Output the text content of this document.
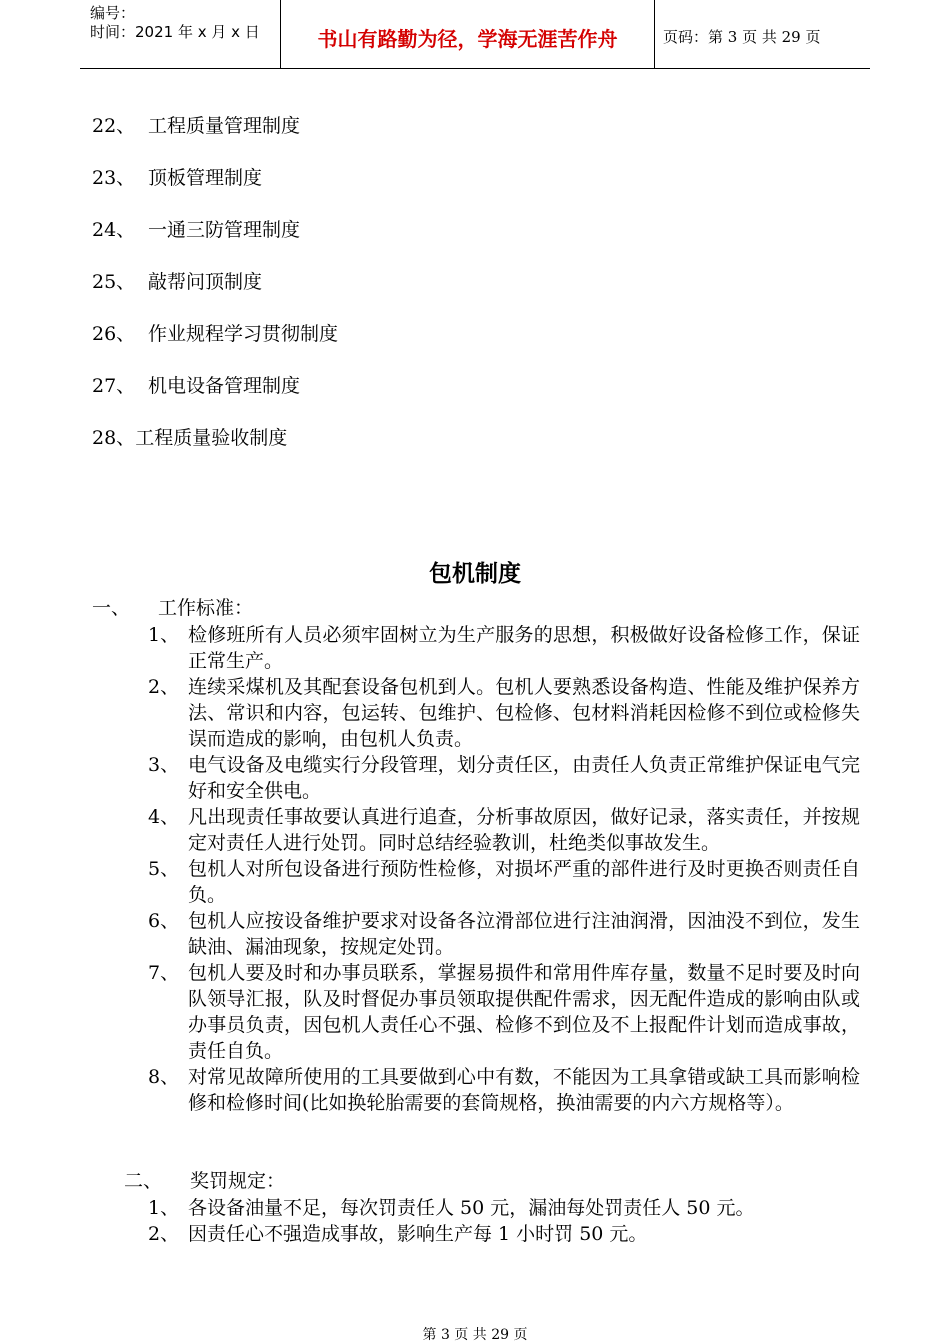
编号：
时间：2021 年 x 月 x 日	书山有路勤为径，学海无涯苦作舟	页码：第 3 页 共 29 页
22、 工程质量管理制度
23、 顶板管理制度
24、 一通三防管理制度
25、 敲帮问顶制度
26、 作业规程学习贯彻制度
27、 机电设备管理制度
28、 工程质量验收制度
包机制度
一、 工作标准：
1、 检修班所有人员必须牢固树立为生产服务的思想，积极做好设备检修工作，保证正常生产。
2、 连续采煤机及其配套设备包机到人。包机人要熟悉设备构造、性能及维护保养方法、常识和内容，包运转、包维护、包检修、包材料消耗因检修不到位或检修失误而造成的影响，由包机人负责。
3、 电气设备及电缆实行分段管理，划分责任区，由责任人负责正常维护保证电气完好和安全供电。
4、 凡出现责任事故要认真进行追查，分析事故原因，做好记录，落实责任，并按规定对责任人进行处罚。同时总结经验教训，杜绝类似事故发生。
5、 包机人对所包设备进行预防性检修，对损坏严重的部件进行及时更换否则责任自负。
6、 包机人应按设备维护要求对设备各泣滑部位进行注油润滑，因油没不到位，发生缺油、漏油现象，按规定处罚。
7、 包机人要及时和办事员联系，掌握易损件和常用件库存量，数量不足时要及时向队领导汇报，队及时督促办事员领取提供配件需求，因无配件造成的影响由队或办事员负责，因包机人责任心不强、检修不到位及不上报配件计划而造成事故，责任自负。
8、 对常见故障所使用的工具要做到心中有数，不能因为工具拿错或缺工具而影响检修和检修时间(比如换轮胎需要的套筒规格，换油需要的内六方规格等）。
二、 奖罚规定：
1、 各设备油量不足，每次罚责任人 50 元，漏油每处罚责任人 50 元。
2、 因责任心不强造成事故，影响生产每 1 小时罚 50 元。
第 3 页 共 29 页
